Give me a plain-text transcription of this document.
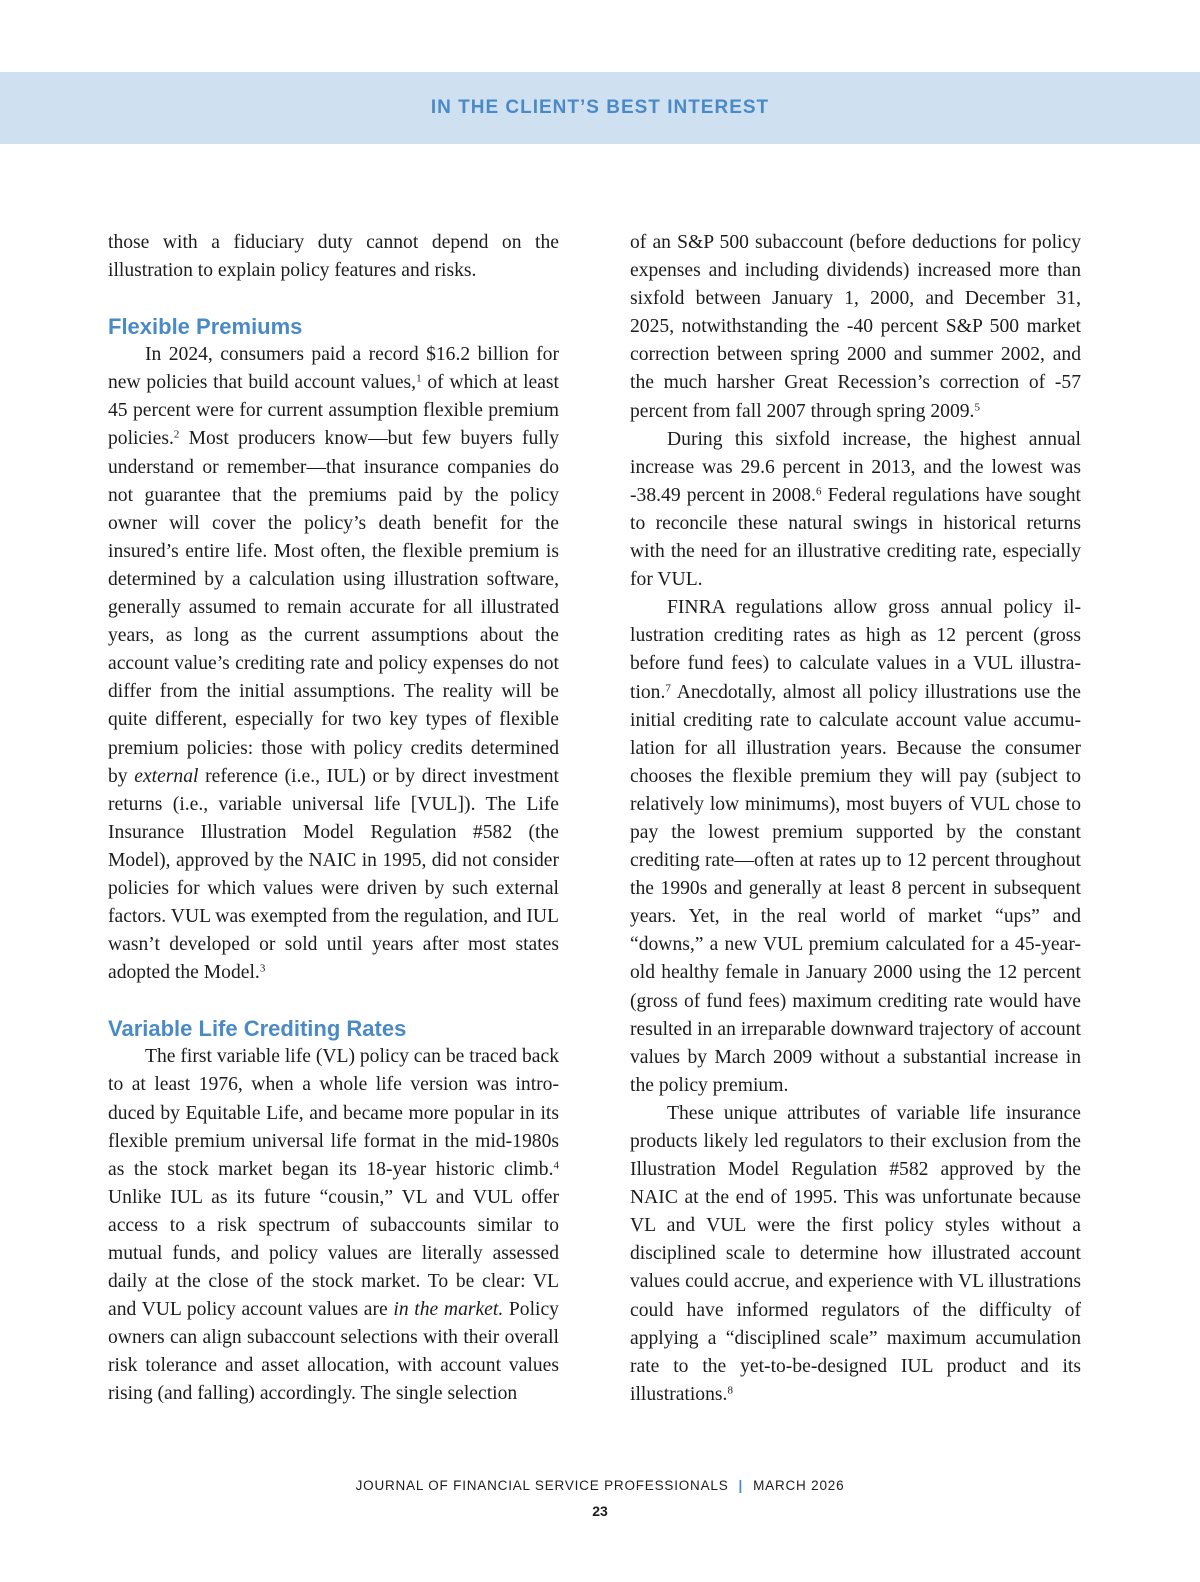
IN THE CLIENT’S BEST INTEREST

those with a fiduciary duty cannot depend on the illustration to explain policy features and risks.

Flexible Premiums

In 2024, consumers paid a record $16.2 billion for new policies that build account values,$^1$ of which at least 45 percent were for current assumption flexible premium policies.$^2$ Most producers know—but few buyers fully understand or remember—that insurance companies do not guarantee that the premiums paid by the policy owner will cover the policy’s death benefit for the insured’s entire life. Most often, the flexible premium is determined by a calculation using illustration software, generally assumed to remain accurate for all illustrated years, as long as the current assumptions about the account value’s crediting rate and policy expenses do not differ from the initial assumptions. The reality will be quite different, especially for two key types of flexible premium policies: those with policy credits determined by external reference (i.e., IUL) or by direct investment returns (i.e., variable universal life [VUL]). The Life Insurance Illustration Model Regulation #582 (the Model), approved by the NAIC in 1995, did not consider policies for which values were driven by such external factors. VUL was exempted from the regulation, and IUL wasn’t developed or sold until years after most states adopted the Model.$^3$

Variable Life Crediting Rates

The first variable life (VL) policy can be traced back to at least 1976, when a whole life version was introduced by Equitable Life, and became more popular in its flexible premium universal life format in the mid-1980s as the stock market began its 18-year historic climb.$^4$ Unlike IUL as its future “cousin,” VL and VUL offer access to a risk spectrum of subaccounts similar to mutual funds, and policy values are literally assessed daily at the close of the stock market. To be clear: VL and VUL policy account values are in the market. Policy owners can align subaccount selections with their overall risk tolerance and asset allocation, with account values rising (and falling) accordingly. The single selection

of an S&P 500 subaccount (before deductions for policy expenses and including dividends) increased more than sixfold between January 1, 2000, and December 31, 2025, notwithstanding the -40 percent S&P 500 market correction between spring 2000 and summer 2002, and the much harsher Great Recession’s correction of -57 percent from fall 2007 through spring 2009.$^5$

During this sixfold increase, the highest annual increase was 29.6 percent in 2013, and the lowest was -38.49 percent in 2008.$^6$ Federal regulations have sought to reconcile these natural swings in historical returns with the need for an illustrative crediting rate, especially for VUL.

FINRA regulations allow gross annual policy illustration crediting rates as high as 12 percent (gross before fund fees) to calculate values in a VUL illustration.$^7$ Anecdotally, almost all policy illustrations use the initial crediting rate to calculate account value accumulation for all illustration years. Because the consumer chooses the flexible premium they will pay (subject to relatively low minimums), most buyers of VUL chose to pay the lowest premium supported by the constant crediting rate—often at rates up to 12 percent throughout the 1990s and generally at least 8 percent in subsequent years. Yet, in the real world of market “ups” and “downs,” a new VUL premium calculated for a 45-year-old healthy female in January 2000 using the 12 percent (gross of fund fees) maximum crediting rate would have resulted in an irreparable downward trajectory of account values by March 2009 without a substantial increase in the policy premium.

These unique attributes of variable life insurance products likely led regulators to their exclusion from the Illustration Model Regulation #582 approved by the NAIC at the end of 1995. This was unfortunate because VL and VUL were the first policy styles without a disciplined scale to determine how illustrated account values could accrue, and experience with VL illustrations could have informed regulators of the difficulty of applying a “disciplined scale” maximum accumulation rate to the yet-to-be-designed IUL product and its illustrations.$^8$

JOURNAL OF FINANCIAL SERVICE PROFESSIONALS | MARCH 2026
23
